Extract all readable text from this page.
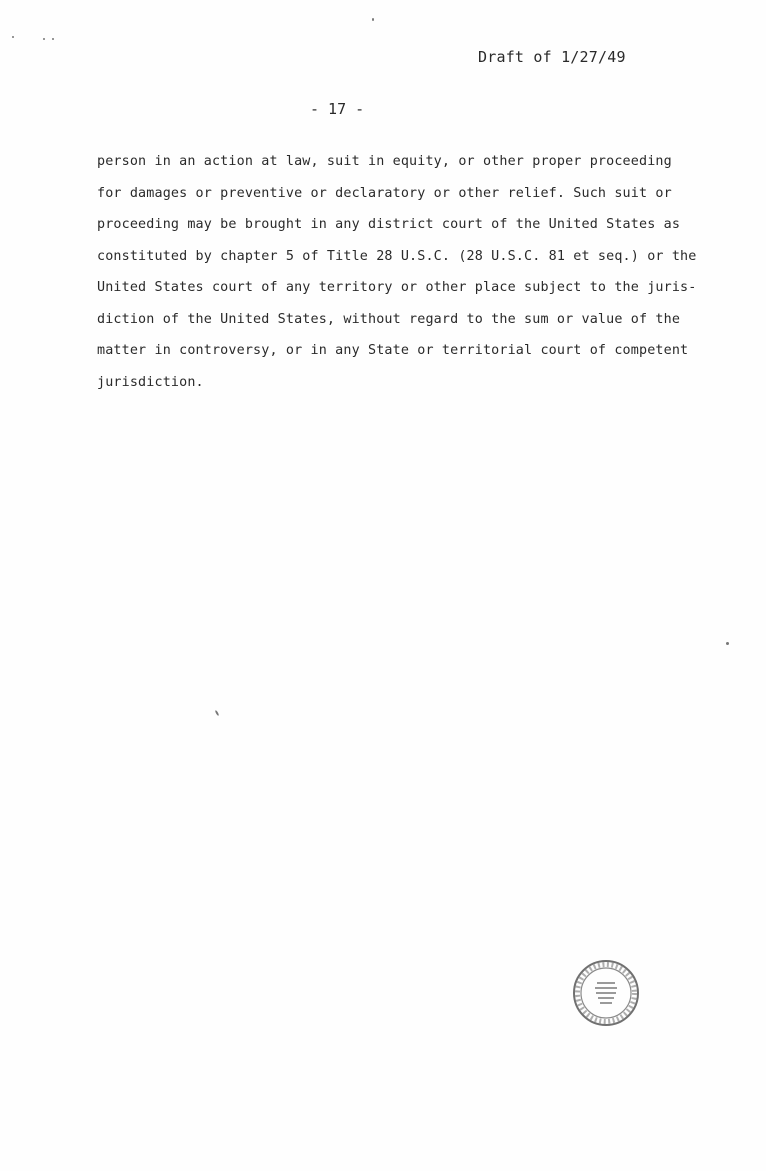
Draft of 1/27/49
- 17 -
person in an action at law, suit in equity, or other proper proceeding
for damages or preventive or declaratory or other relief. Such suit or
proceeding may be brought in any district court of the United States as
constituted by chapter 5 of Title 28 U.S.C. (28 U.S.C. 81 et seq.) or the
United States court of any territory or other place subject to the juris-
diction of the United States, without regard to the sum or value of the
matter in controversy, or in any State or territorial court of competent
jurisdiction.
